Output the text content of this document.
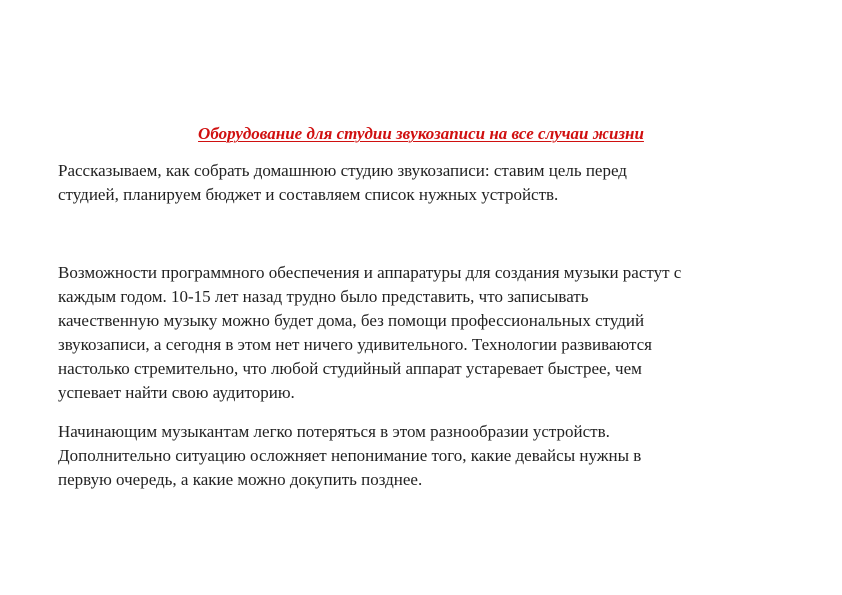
Оборудование для студии звукозаписи на все случаи жизни

Рассказываем, как собрать домашнюю студию звукозаписи: ставим цель перед
студией, планируем бюджет и составляем список нужных устройств.

Возможности программного обеспечения и аппаратуры для создания музыки растут с
каждым годом. 10-15 лет назад трудно было представить, что записывать
качественную музыку можно будет дома, без помощи профессиональных студий
звукозаписи, а сегодня в этом нет ничего удивительного. Технологии развиваются
настолько стремительно, что любой студийный аппарат устаревает быстрее, чем
успевает найти свою аудиторию.

Начинающим музыкантам легко потеряться в этом разнообразии устройств.
Дополнительно ситуацию осложняет непонимание того, какие девайсы нужны в
первую очередь, а какие можно докупить позднее.
